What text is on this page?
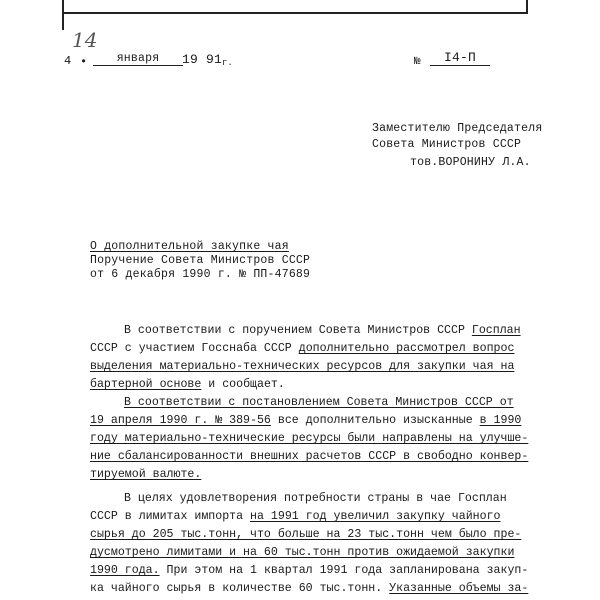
14
4 •	января	19 91 г.	№	I4-П
Заместителю Председателя
Совета Министров СССР
тов.ВОРОНИНУ Л.А.
О дополнительной закупке чая
Поручение Совета Министров СССР
от 6 декабря 1990 г. № ПП-47689
В соответствии с поручением Совета Министров СССР Госплан
СССР с участием Госснаба СССР дополнительно рассмотрел вопрос
выделения материально-технических ресурсов для закупки чая на
бартерной основе и сообщает.
В соответствии с постановлением Совета Министров СССР от
19 апреля 1990 г. № 389-56 все дополнительно изысканные в 1990
году материально-технические ресурсы были направлены на улучше-
ние сбалансированности внешних расчетов СССР в свободно конвер-
тируемой валюте.
В целях удовлетворения потребности страны в чае Госплан
СССР в лимитах импорта на 1991 год увеличил закупку чайного
сырья до 205 тыс.тонн, что больше на 23 тыс.тонн чем было пре-
дусмотрено лимитами и на 60 тыс.тонн против ожидаемой закупки
1990 года. При этом на 1 квартал 1991 года запланирована закуп-
ка чайного сырья в количестве 60 тыс.тонн. Указанные объемы за-
